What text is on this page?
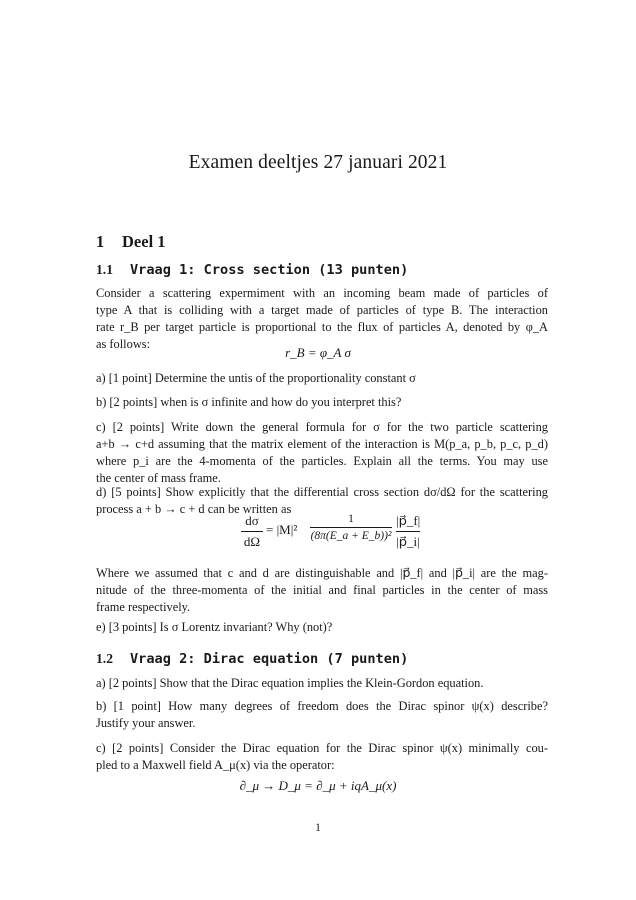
Examen deeltjes 27 januari 2021
1 Deel 1
1.1 Vraag 1: Cross section (13 punten)
Consider a scattering expermiment with an incoming beam made of particles of
type A that is colliding with a target made of particles of type B. The interaction
rate r_B per target particle is proportional to the flux of particles A, denoted by φ_A
as follows:
r_B = φ_A σ
a) [1 point] Determine the untis of the proportionality constant σ
b) [2 points] when is σ infinite and how do you interpret this?
c) [2 points] Write down the general formula for σ for the two particle scattering
a+b → c+d assuming that the matrix element of the interaction is M(p_a, p_b, p_c, p_d)
where p_i are the 4-momenta of the particles. Explain all the terms. You may use
the center of mass frame.
d) [5 points] Show explicitly that the differential cross section dσ/dΩ for the scattering
process a + b → c + d can be written as
dσ
dΩ
= |M|²
1
(8π(E_a + E_b))²
|p⃗_f|
|p⃗_i|
Where we assumed that c and d are distinguishable and |p⃗_f| and |p⃗_i| are the mag-
nitude of the three-momenta of the initial and final particles in the center of mass
frame respectively.
e) [3 points] Is σ Lorentz invariant? Why (not)?
1.2 Vraag 2: Dirac equation (7 punten)
a) [2 points] Show that the Dirac equation implies the Klein-Gordon equation.
b) [1 point] How many degrees of freedom does the Dirac spinor ψ(x) describe?
Justify your answer.
c) [2 points] Consider the Dirac equation for the Dirac spinor ψ(x) minimally cou-
pled to a Maxwell field A_μ(x) via the operator:
∂_μ → D_μ = ∂_μ + iqA_μ(x)
1
